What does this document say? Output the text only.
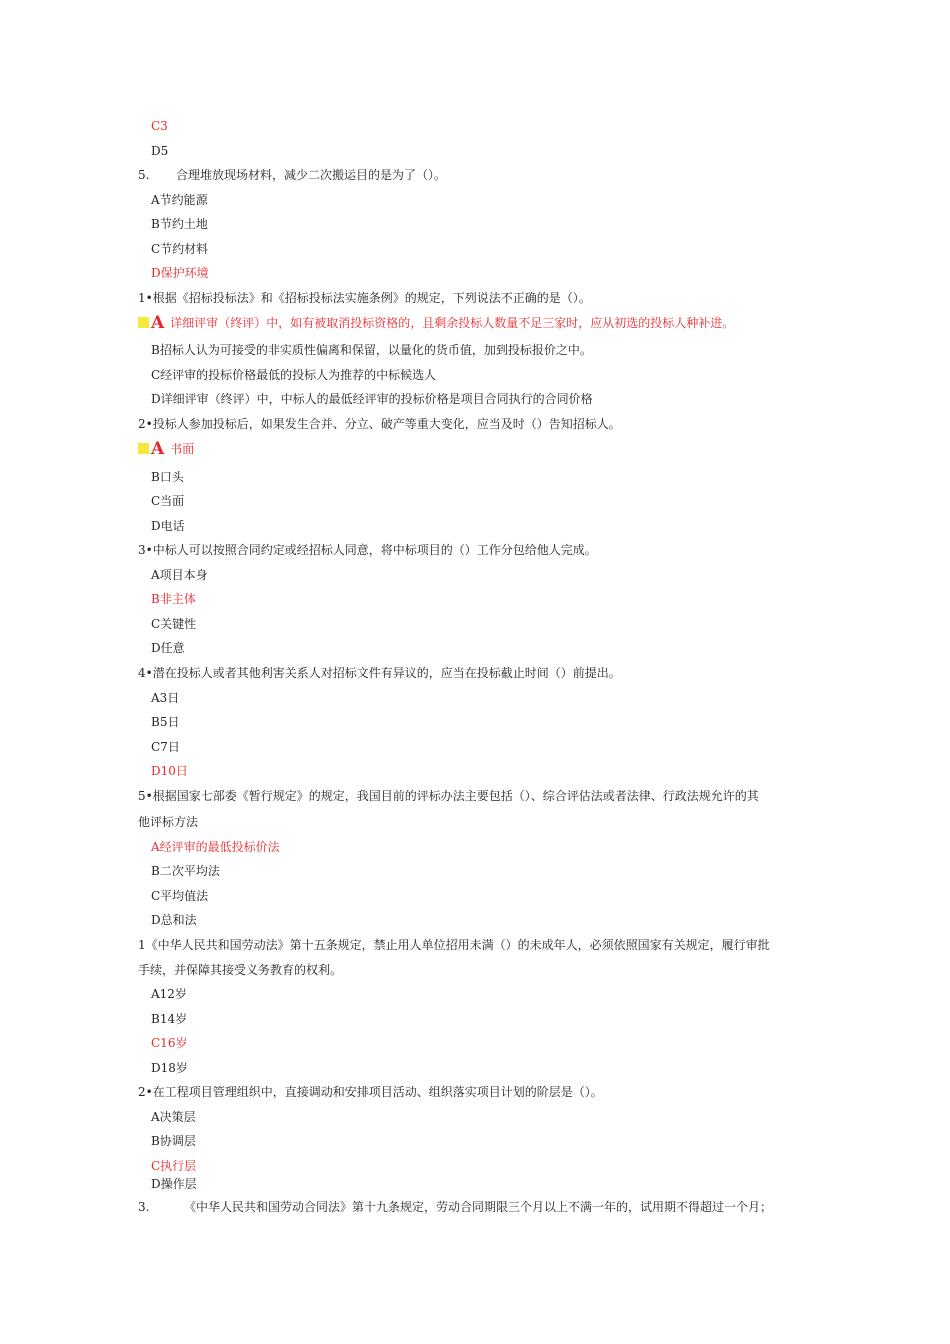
C3
D5
5. 合理堆放现场材料，减少二次搬运目的是为了（）。
A节约能源
B节约土地
C节约材料
D保护环境
1•根据《招标投标法》和《招标投标法实施条例》的规定，下列说法不正确的是（）。
A 详细评审（终评）中，如有被取消投标资格的，且剩余投标人数量不足三家时，应从初选的投标人种补进。
B招标人认为可接受的非实质性偏离和保留，以量化的货币值，加到投标报价之中。
C经评审的投标价格最低的投标人为推荐的中标候选人
D详细评审（终评）中，中标人的最低经评审的投标价格是项目合同执行的合同价格
2•投标人参加投标后，如果发生合并、分立、破产等重大变化，应当及时（）告知招标人。
A 书面
B口头
C当面
D电话
3•中标人可以按照合同约定或经招标人同意，将中标项目的（）工作分包给他人完成。
A项目本身
B非主体
C关键性
D任意
4•潜在投标人或者其他利害关系人对招标文件有异议的，应当在投标截止时间（）前提出。
A3日
B5日
C7日
D10日
5•根据国家七部委《暂行规定》的规定，我国目前的评标办法主要包括（）、综合评估法或者法律、行政法规允许的其
他评标方法
A经评审的最低投标价法
B二次平均法
C平均值法
D总和法
1《中华人民共和国劳动法》第十五条规定，禁止用人单位招用未满（）的未成年人，必须依照国家有关规定，履行审批
手续，并保障其接受义务教育的权利。
A12岁
B14岁
C16岁
D18岁
2•在工程项目管理组织中，直接调动和安排项目活动、组织落实项目计划的阶层是（）。
A决策层
B协调层
C执行层
D操作层
3.	《中华人民共和国劳动合同法》第十九条规定，劳动合同期限三个月以上不满一年的，试用期不得超过一个月；
